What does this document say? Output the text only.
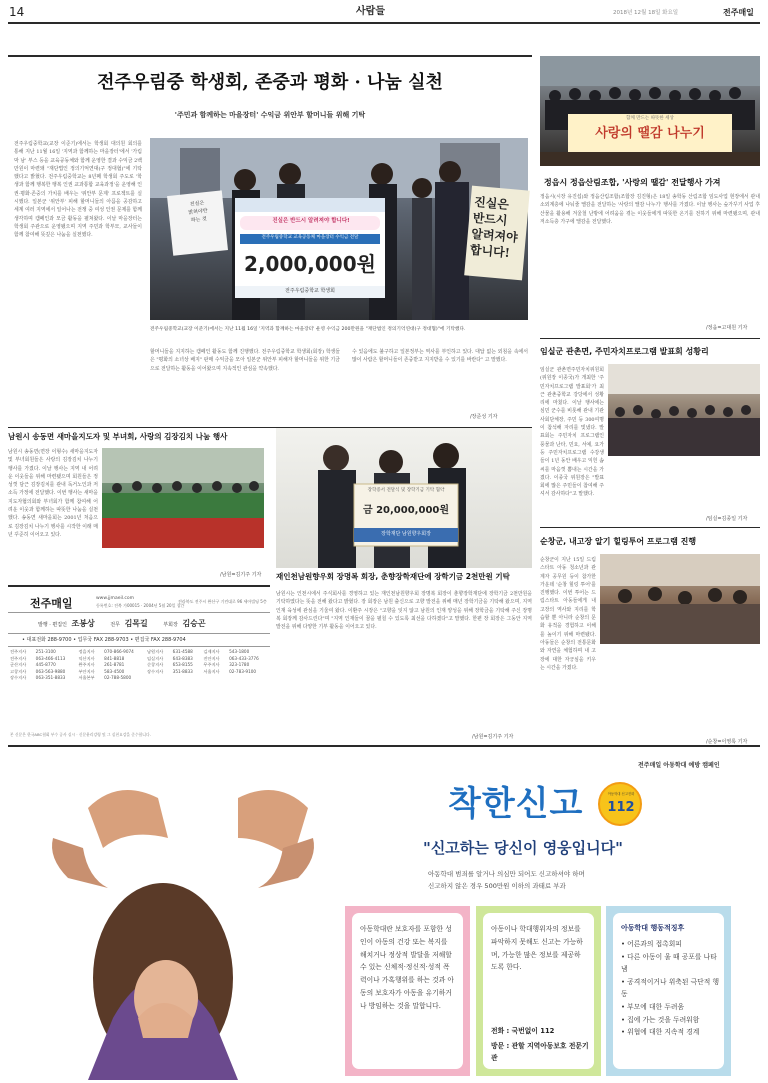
14	사람들	2018년 12월 18일 화요일	전주매일
전주우림중 학생회, 존중과 평화 · 나눔 실천
'주민과 함께하는 마을장터' 수익금 위안부 할머니들 위해 기탁
전주우림중학교(교장 이준기)에서는 학생회 대의원 회의를 통해 지난 11월 16일 '지역과 함께하는 마을장터'에서 '가림막 남' 부스 등을 교육공동체와 함께 운영한 결과 수익금 2백만원이 마련돼 "재단법인 정의기억연대(구 정대협)"에 기탁했다고 밝혔다. 전주우림중학교는 8년째 학생회 주도로 '학생과 함께 행복한 행복 인권 교과통합 교육과정'을 운영해 인권·평화·존중의 가치를 배우는 '위안부 문제' 프로젝트를 실시했다. 일본군 '위안부' 피해 할머니들의 아픔을 공감하고 세계 여러 지역에서 일어나는 전쟁 중 여성 인권 문제를 함께 생각하며 캠페인과 모금 활동을 펼쳐왔다. 이날 마을장터는 학생회 주관으로 운영됐으며 지역 주민과 학부모, 교사들이 함께 참여해 뜻깊은 나눔을 실천했다.
진실은
밝혀야만
하는 것	진실은 반드시 알려져야 합니다!
전주우림중학교 교육공동체 마을장터 수익금 전달
2,000,000원
전주우림중학교 학생회
진실은
반드시
알려져야
합니다!
전주우림중학교(교장 이준기)에서는 지난 11월 16일 '지역과 함께하는 마을장터' 운영 수익금 200만원을 "재단법인 정의기억연대(구 정대협)"에 기탁했다.
할머니들을 지지하는 캠페인 활동도 함께 진행했다. 전주우림중학교 학생회(회장) 학생들은 "평화의 소녀상 배지" 판매 수익금을 모아 일본군 위안부 피해자 할머니들을 위한 기금으로 전달하는 활동을 이어왔으며 지속적인 관심을 약속했다.
수 있음에도 불구하고 일본정부는 역사를 부인하고 있다. 대답 없는 외침을 속에서 많이 사람은 할머니들이 존중받고 지지받을 수 있기를 바란다" 고 말했다.
/장준성 기자
함께 만드는 따뜻한 세상
사랑의 땔감 나누기
정읍시 정읍산림조합, '사랑의 땔감' 전달행사 가져
정읍시(시장 유진섭)와 정읍산림조합(조합장 김진형)은 18일 송학동 산림조합 임도사업 현장에서 관내 소외계층에 나눠줄 땔감을 전달하는 '사랑의 땔감 나누기' 행사를 가졌다. 이날 행사는 숲가꾸기 사업 후 산물을 활용해 겨울철 난방에 어려움을 겪는 이웃들에게 따뜻한 온기를 전하기 위해 마련됐으며, 관내 저소득층 가구에 땔감을 전달했다.
/정읍=고대원 기자
임실군 관촌면, 주민자치프로그램 발표회 성황리
임실군 관촌면주민자치위원회(위원장 이종국)가 개최한 '주민자치프로그램 발표회'가 최근 관촌중학교 강당에서 성황리에 마쳤다. 이날 행사에는 심민 군수를 비롯해 관내 기관사회단체장, 주민 등 300여명이 참석해 자리를 빛냈다. 발표회는 주민자치 프로그램인 풍물과 난타, 민요, 서예, 요가 등 주민자치프로그램 수강생들이 1년 동안 배우고 익힌 솜씨를 마음껏 뽐내는 시간을 가졌다. 이종국 위원장은 "발표회에 많은 주민들이 참여해 주셔서 감사하다"고 말했다.
/임실=김종일 기자
순창군, 내고장 알기 힐링투어 프로그램 진행
순창군이 지난 15일 드림스타트 아동 청소년과 관계자 공무원 등이 참가한 가운데 '순창 힐링 투어'를 진행했다. 이번 투어는 드림스타트 아동들에게 내 고장의 역사와 지리를 학습할 뿐 아니라 순창의 문화 유적을 경험하고 이해를 높이기 위해 마련됐다. 아동들은 순창의 전통문화와 자연을 체험하며 내 고장에 대한 자긍심을 키우는 시간을 가졌다.
/순창=이영록 기자
남원시 송동면 새마을지도자 및 부녀회, 사랑의 김장김치 나눔 행사
남원시 송동면(면장 이형수) 새마을지도자 및 부녀회원들은 사랑의 김장김치 나누기 행사를 가졌다. 이날 행사는 지역 내 어려운 이웃들을 위해 마련됐으며 회원들은 정성껏 담근 김장김치를 관내 독거노인과 저소득 가정에 전달했다. 이번 행사는 새마을지도자협의회와 부녀회가 함께 참여해 어려운 이웃과 함께하는 따뜻한 나눔을 실천했다. 송동면 새마을회는 2001년 처음으로 김장김치 나누기 행사를 시작한 이래 매년 꾸준히 이어오고 있다.
/남원=김기주 기자
전주매일	www.jjmaeil.com
등록번호: 전북 가00015 · 2004년 5월 20일 창간
전라북도 전주시 완산구 기린대로 96 세아빌딩 5층
발행 · 편집인 조봉상	전무 김목길	부회장 김승곤
• 대표전화 288-9700 • 업무국 FAX 288-9703 • 편집국 FAX 288-9704
전주지사	251-3100	정읍지사	070-866-9074	남원지사	631-4588	김제지사	543-1800
전주지사	063-466-4113	익산지사	841-8818	임실지사	643-8383	진안지사	063-433-3776
군산지사	445-8770	완주지사	261-8781	순창지사	653-8155	무주지사	323-1780
고창지사	063-563-9880	부안지사	583-4500	장수지사	351-8833	서울지사	02-783-9100
장수지사	063-351-8833	서울본부	02-788-5800				
본 신문은 한국ABC협회 부수 공사 실시 · 신문윤리강령 및 그 실천요강을 준수합니다.
장학증서 전달식 및 장학기금 기탁 협약
금 20,000,000원
장학재단 남원향우회장
재인천남원향우회 장명복 회장, 춘향장학재단에 장학기금 2천만원 기탁
남원시는 인천시에서 주식회사를 경영하고 있는 재인천남원향우회 장명복 회장이 춘향장학재단에 장학기금 2천만원을 기탁하였다는 뜻을 전해 왔다고 밝혔다. 장 회장은 남원 출신으로 고향 발전을 위해 매년 장학기금을 기탁해 왔으며, 지역 인재 육성에 관심을 기울여 왔다. 이환주 시장은 "고향을 잊지 않고 남원의 인재 양성을 위해 장학금을 기탁해 주신 장명복 회장께 감사드린다"며 "지역 인재들이 꿈을 펼칠 수 있도록 최선을 다하겠다"고 말했다. 한편 장 회장은 그동안 지역 발전을 위해 다양한 기부 활동을 이어오고 있다.
/남원=김기주 기자
전주매일 아동학대 예방 캠페인
착한신고	아동학대 신고전화
112
"신고하는 당신이 영웅입니다"
아동학대 범죄를 알거나 의심만 되어도 신고하셔야 하며
신고하지 않은 경우 500만원 이하의 과태료 부과
아동학대란 보호자를 포함한 성인이 아동의 건강 또는 복지를 해치거나 정상적 발달을 저해할 수 있는 신체적·정신적·성적 폭력이나 가혹행위를 하는 것과 아동의 보호자가 아동을 유기하거나 방임하는 것을 말합니다.
아동이나 학대행위자의 정보를 파악하지 못해도 신고는 가능하며, 가능한 많은 정보를 제공하도록 한다.
전화 : 국번없이 112
방문 : 관할 지역아동보호 전문기관
아동학대 행동적징후
• 어른과의 접촉회피
• 다른 아동이 울 때 공포를 나타냄
• 공격적이거나 위축된 극단적 행동
• 부모에 대한 두려움
• 집에 가는 것을 두려워함
• 위협에 대한 지속적 경계
